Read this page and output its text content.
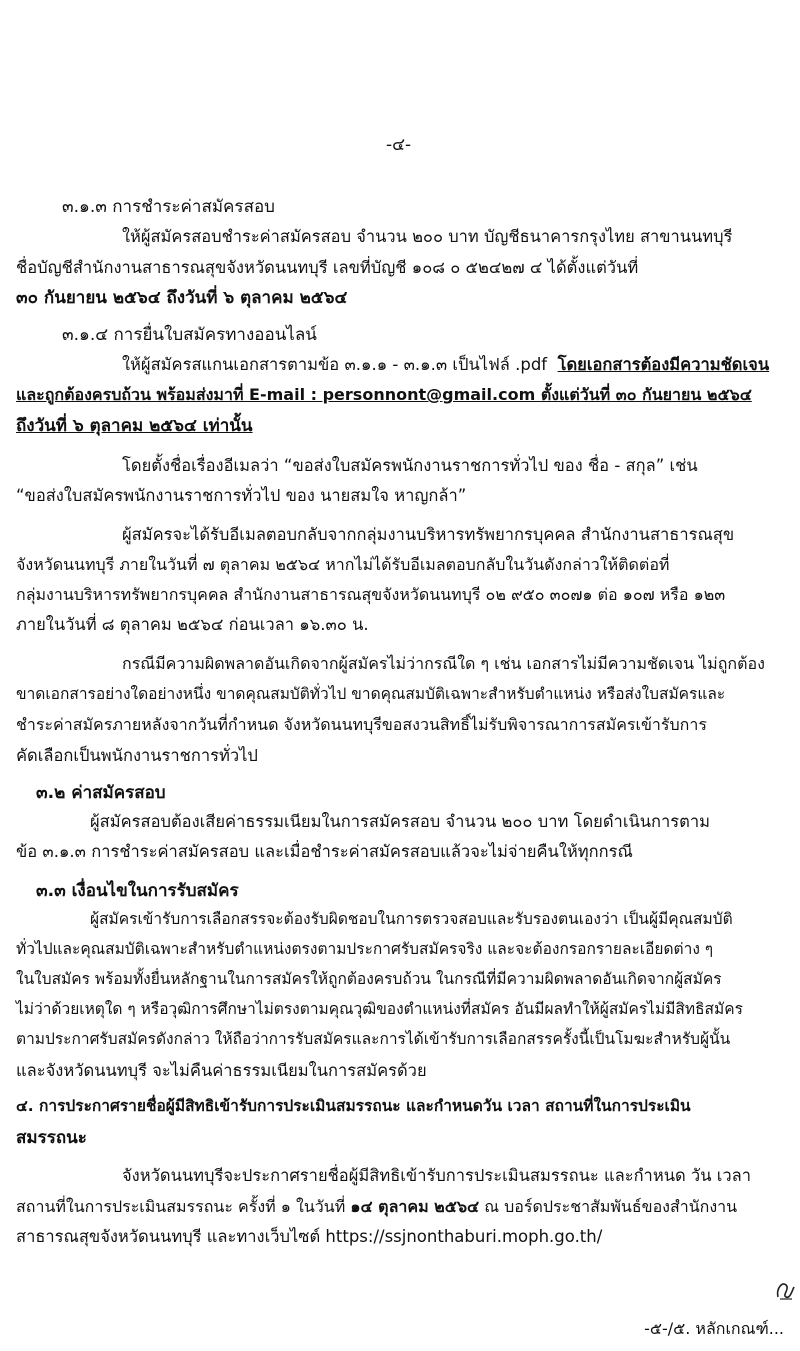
-๔-
๓.๑.๓ การชำระค่าสมัครสอบ
ให้ผู้สมัครสอบชำระค่าสมัครสอบ จำนวน ๒๐๐ บาท บัญชีธนาคารกรุงไทย สาขานนทบุรี
ชื่อบัญชีสำนักงานสาธารณสุขจังหวัดนนทบุรี เลขที่บัญชี ๑๐๘ ๐ ๕๒๔๒๗ ๔ ได้ตั้งแต่วันที่
๓๐ กันยายน ๒๕๖๔ ถึงวันที่ ๖ ตุลาคม ๒๕๖๔
๓.๑.๔ การยื่นใบสมัครทางออนไลน์
ให้ผู้สมัครสแกนเอกสารตามข้อ ๓.๑.๑ - ๓.๑.๓ เป็นไฟล์ .pdf โดยเอกสารต้องมีความชัดเจน
และถูกต้องครบถ้วน พร้อมส่งมาที่ E-mail : personnont@gmail.com ตั้งแต่วันที่ ๓๐ กันยายน ๒๕๖๔
ถึงวันที่ ๖ ตุลาคม ๒๕๖๔ เท่านั้น
โดยตั้งชื่อเรื่องอีเมลว่า “ขอส่งใบสมัครพนักงานราชการทั่วไป ของ ชื่อ - สกุล” เช่น
“ขอส่งใบสมัครพนักงานราชการทั่วไป ของ นายสมใจ หาญกล้า”
ผู้สมัครจะได้รับอีเมลตอบกลับจากกลุ่มงานบริหารทรัพยากรบุคคล สำนักงานสาธารณสุข
จังหวัดนนทบุรี ภายในวันที่ ๗ ตุลาคม ๒๕๖๔ หากไม่ได้รับอีเมลตอบกลับในวันดังกล่าวให้ติดต่อที่
กลุ่มงานบริหารทรัพยากรบุคคล สำนักงานสาธารณสุขจังหวัดนนทบุรี ๐๒ ๙๕๐ ๓๐๗๑ ต่อ ๑๐๗ หรือ ๑๒๓
ภายในวันที่ ๘ ตุลาคม ๒๕๖๔ ก่อนเวลา ๑๖.๓๐ น.
กรณีมีความผิดพลาดอันเกิดจากผู้สมัครไม่ว่ากรณีใด ๆ เช่น เอกสารไม่มีความชัดเจน ไม่ถูกต้อง
ขาดเอกสารอย่างใดอย่างหนึ่ง ขาดคุณสมบัติทั่วไป ขาดคุณสมบัติเฉพาะสำหรับตำแหน่ง หรือส่งใบสมัครและ
ชำระค่าสมัครภายหลังจากวันที่กำหนด จังหวัดนนทบุรีขอสงวนสิทธิ์ไม่รับพิจารณาการสมัครเข้ารับการ
คัดเลือกเป็นพนักงานราชการทั่วไป
๓.๒ ค่าสมัครสอบ
ผู้สมัครสอบต้องเสียค่าธรรมเนียมในการสมัครสอบ จำนวน ๒๐๐ บาท โดยดำเนินการตาม
ข้อ ๓.๑.๓ การชำระค่าสมัครสอบ และเมื่อชำระค่าสมัครสอบแล้วจะไม่จ่ายคืนให้ทุกกรณี
๓.๓ เงื่อนไขในการรับสมัคร
ผู้สมัครเข้ารับการเลือกสรรจะต้องรับผิดชอบในการตรวจสอบและรับรองตนเองว่า เป็นผู้มีคุณสมบัติ
ทั่วไปและคุณสมบัติเฉพาะสำหรับตำแหน่งตรงตามประกาศรับสมัครจริง และจะต้องกรอกรายละเอียดต่าง ๆ
ในใบสมัคร พร้อมทั้งยื่นหลักฐานในการสมัครให้ถูกต้องครบถ้วน ในกรณีที่มีความผิดพลาดอันเกิดจากผู้สมัคร
ไม่ว่าด้วยเหตุใด ๆ หรือวุฒิการศึกษาไม่ตรงตามคุณวุฒิของตำแหน่งที่สมัคร อันมีผลทำให้ผู้สมัครไม่มีสิทธิสมัคร
ตามประกาศรับสมัครดังกล่าว ให้ถือว่าการรับสมัครและการได้เข้ารับการเลือกสรรครั้งนี้เป็นโมฆะสำหรับผู้นั้น
และจังหวัดนนทบุรี จะไม่คืนค่าธรรมเนียมในการสมัครด้วย
๔. การประกาศรายชื่อผู้มีสิทธิเข้ารับการประเมินสมรรถนะ และกำหนดวัน เวลา สถานที่ในการประเมิน
สมรรถนะ
จังหวัดนนทบุรีจะประกาศรายชื่อผู้มีสิทธิเข้ารับการประเมินสมรรถนะ และกำหนด วัน เวลา
สถานที่ในการประเมินสมรรถนะ ครั้งที่ ๑ ในวันที่ ๑๔ ตุลาคม ๒๕๖๔ ณ บอร์ดประชาสัมพันธ์ของสำนักงาน
สาธารณสุขจังหวัดนนทบุรี และทางเว็บไซต์ https://ssjnonthaburi.moph.go.th/
-๕-/๕. หลักเกณฑ์...
